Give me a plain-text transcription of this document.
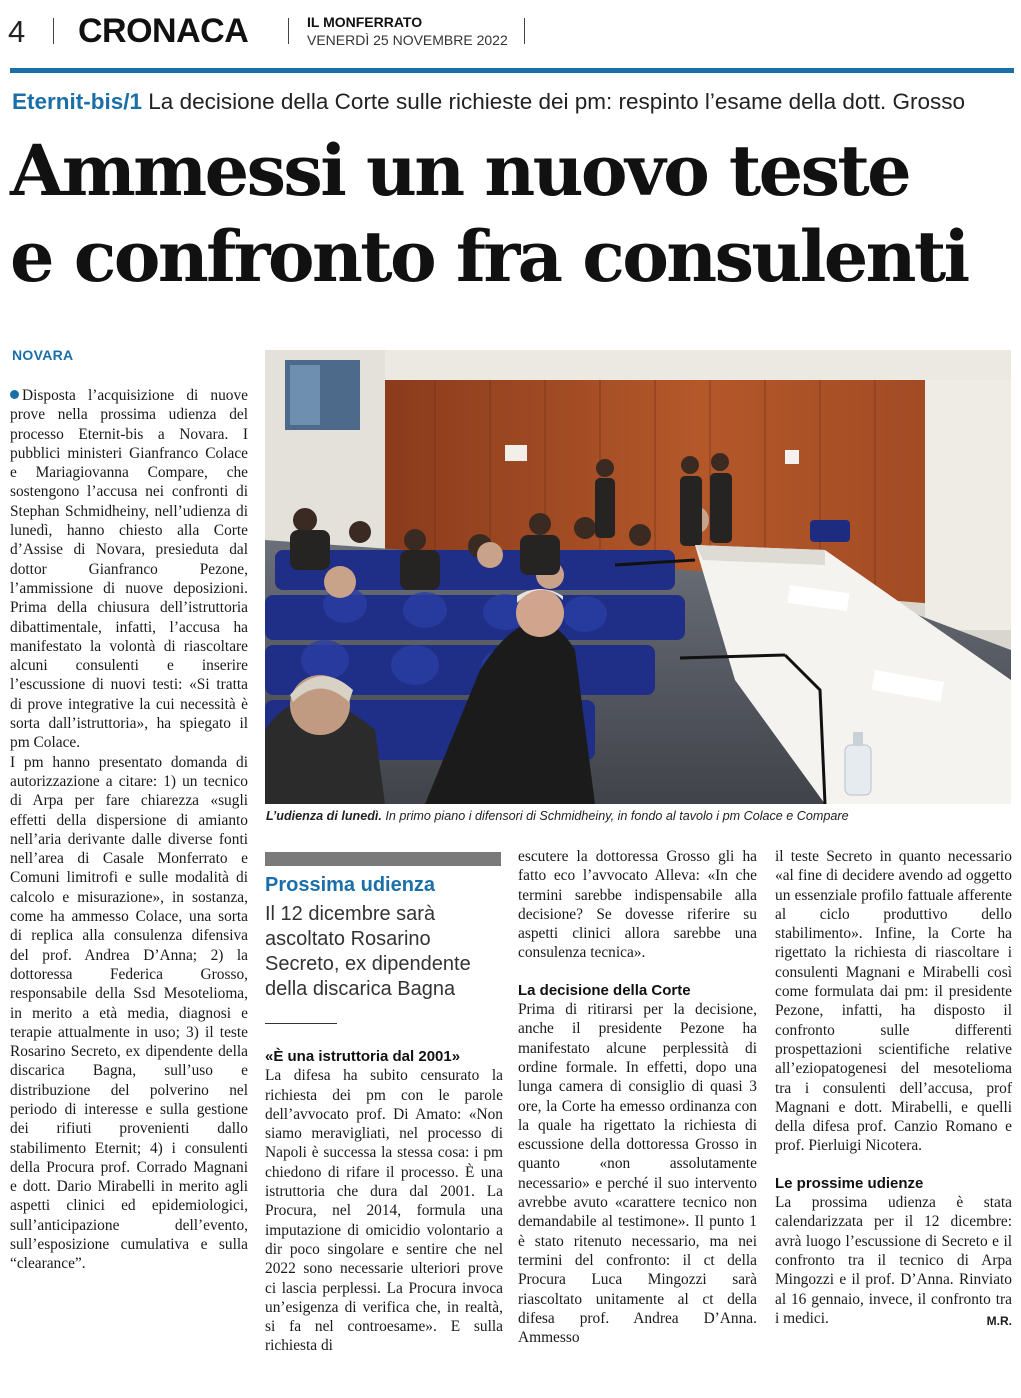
4 CRONACA	IL MONFERRATO
VENERDÌ 25 NOVEMBRE 2022
Eternit-bis/1 La decisione della Corte sulle richieste dei pm: respinto l’esame della dott. Grosso
Ammessi un nuovo teste
e confronto fra consulenti
NOVARA

Disposta l’acquisizione di nuove prove nella prossima udienza del processo Eternit-bis a Novara. I pubblici ministeri Gianfranco Colace e Mariagiovanna Compare, che sostengono l’accusa nei confronti di Stephan Schmidheiny, nell’udienza di lunedì, hanno chiesto alla Corte d’Assise di Novara, presieduta dal dottor Gianfranco Pezone, l’ammissione di nuove deposizioni. Prima della chiusura dell’istruttoria dibattimentale, infatti, l’accusa ha manifestato la volontà di riascoltare alcuni consulenti e inserire l’escussione di nuovi testi: «Si tratta di prove integrative la cui necessità è sorta dall’istruttoria», ha spiegato il pm Colace.

I pm hanno presentato domanda di autorizzazione a citare: 1) un tecnico di Arpa per fare chiarezza «sugli effetti della dispersione di amianto nell’aria derivante dalle diverse fonti nell’area di Casale Monferrato e Comuni limitrofi e sulle modalità di calcolo e misurazione», in sostanza, come ha ammesso Colace, una sorta di replica alla consulenza difensiva del prof. Andrea D’Anna; 2) la dottoressa Federica Grosso, responsabile della Ssd Mesotelioma, in merito a età media, diagnosi e terapie attualmente in uso; 3) il teste Rosarino Secreto, ex dipendente della discarica Bagna, sull’uso e distribuzione del polverino nel periodo di interesse e sulla gestione dei rifiuti provenienti dallo stabilimento Eternit; 4) i consulenti della Procura prof. Corrado Magnani e dott. Dario Mirabelli in merito agli aspetti clinici ed epidemiologici, sull’anticipazione dell’evento, sull’esposizione cumulativa e sulla “clearance”.

L’udienza di lunedì. In primo piano i difensori di Schmidheiny, in fondo al tavolo i pm Colace e Compare
Prossima udienza
Il 12 dicembre sarà ascoltato Rosarino Secreto, ex dipendente della discarica Bagna
«È una istruttoria dal 2001»

La difesa ha subito censurato la richiesta dei pm con le parole dell’avvocato prof. Di Amato: «Non siamo meravigliati, nel processo di Napoli è successa la stessa cosa: i pm chiedono di rifare il processo. È una istruttoria che dura dal 2001. La Procura, nel 2014, formula una imputazione di omicidio volontario a dir poco singolare e sentire che nel 2022 sono necessarie ulteriori prove ci lascia perplessi. La Procura invoca un’esigenza di verifica che, in realtà, si fa nel controesame». E sulla richiesta di

escutere la dottoressa Grosso gli ha fatto eco l’avvocato Alleva: «In che termini sarebbe indispensabile alla decisione? Se dovesse riferire su aspetti clinici allora sarebbe una consulenza tecnica».

La decisione della Corte

Prima di ritirarsi per la decisione, anche il presidente Pezone ha manifestato alcune perplessità di ordine formale. In effetti, dopo una lunga camera di consiglio di quasi 3 ore, la Corte ha emesso ordinanza con la quale ha rigettato la richiesta di escussione della dottoressa Grosso in quanto «non assolutamente necessario» e perché il suo intervento avrebbe avuto «carattere tecnico non demandabile al testimone». Il punto 1 è stato ritenuto necessario, ma nei termini del confronto: il ct della Procura Luca Mingozzi sarà riascoltato unitamente al ct della difesa prof. Andrea D’Anna. Ammesso

il teste Secreto in quanto necessario «al fine di decidere avendo ad oggetto un essenziale profilo fattuale afferente al ciclo produttivo dello stabilimento». Infine, la Corte ha rigettato la richiesta di riascoltare i consulenti Magnani e Mirabelli così come formulata dai pm: il presidente Pezone, infatti, ha disposto il confronto sulle differenti prospettazioni scientifiche relative all’eziopatogenesi del mesotelioma tra i consulenti dell’accusa, prof Magnani e dott. Mirabelli, e quelli della difesa prof. Canzio Romano e prof. Pierluigi Nicotera.

Le prossime udienze

La prossima udienza è stata calendarizzata per il 12 dicembre: avrà luogo l’escussione di Secreto e il confronto tra il tecnico di Arpa Mingozzi e il prof. D’Anna. Rinviato al 16 gennaio, invece, il confronto tra i medici.	M.R.
